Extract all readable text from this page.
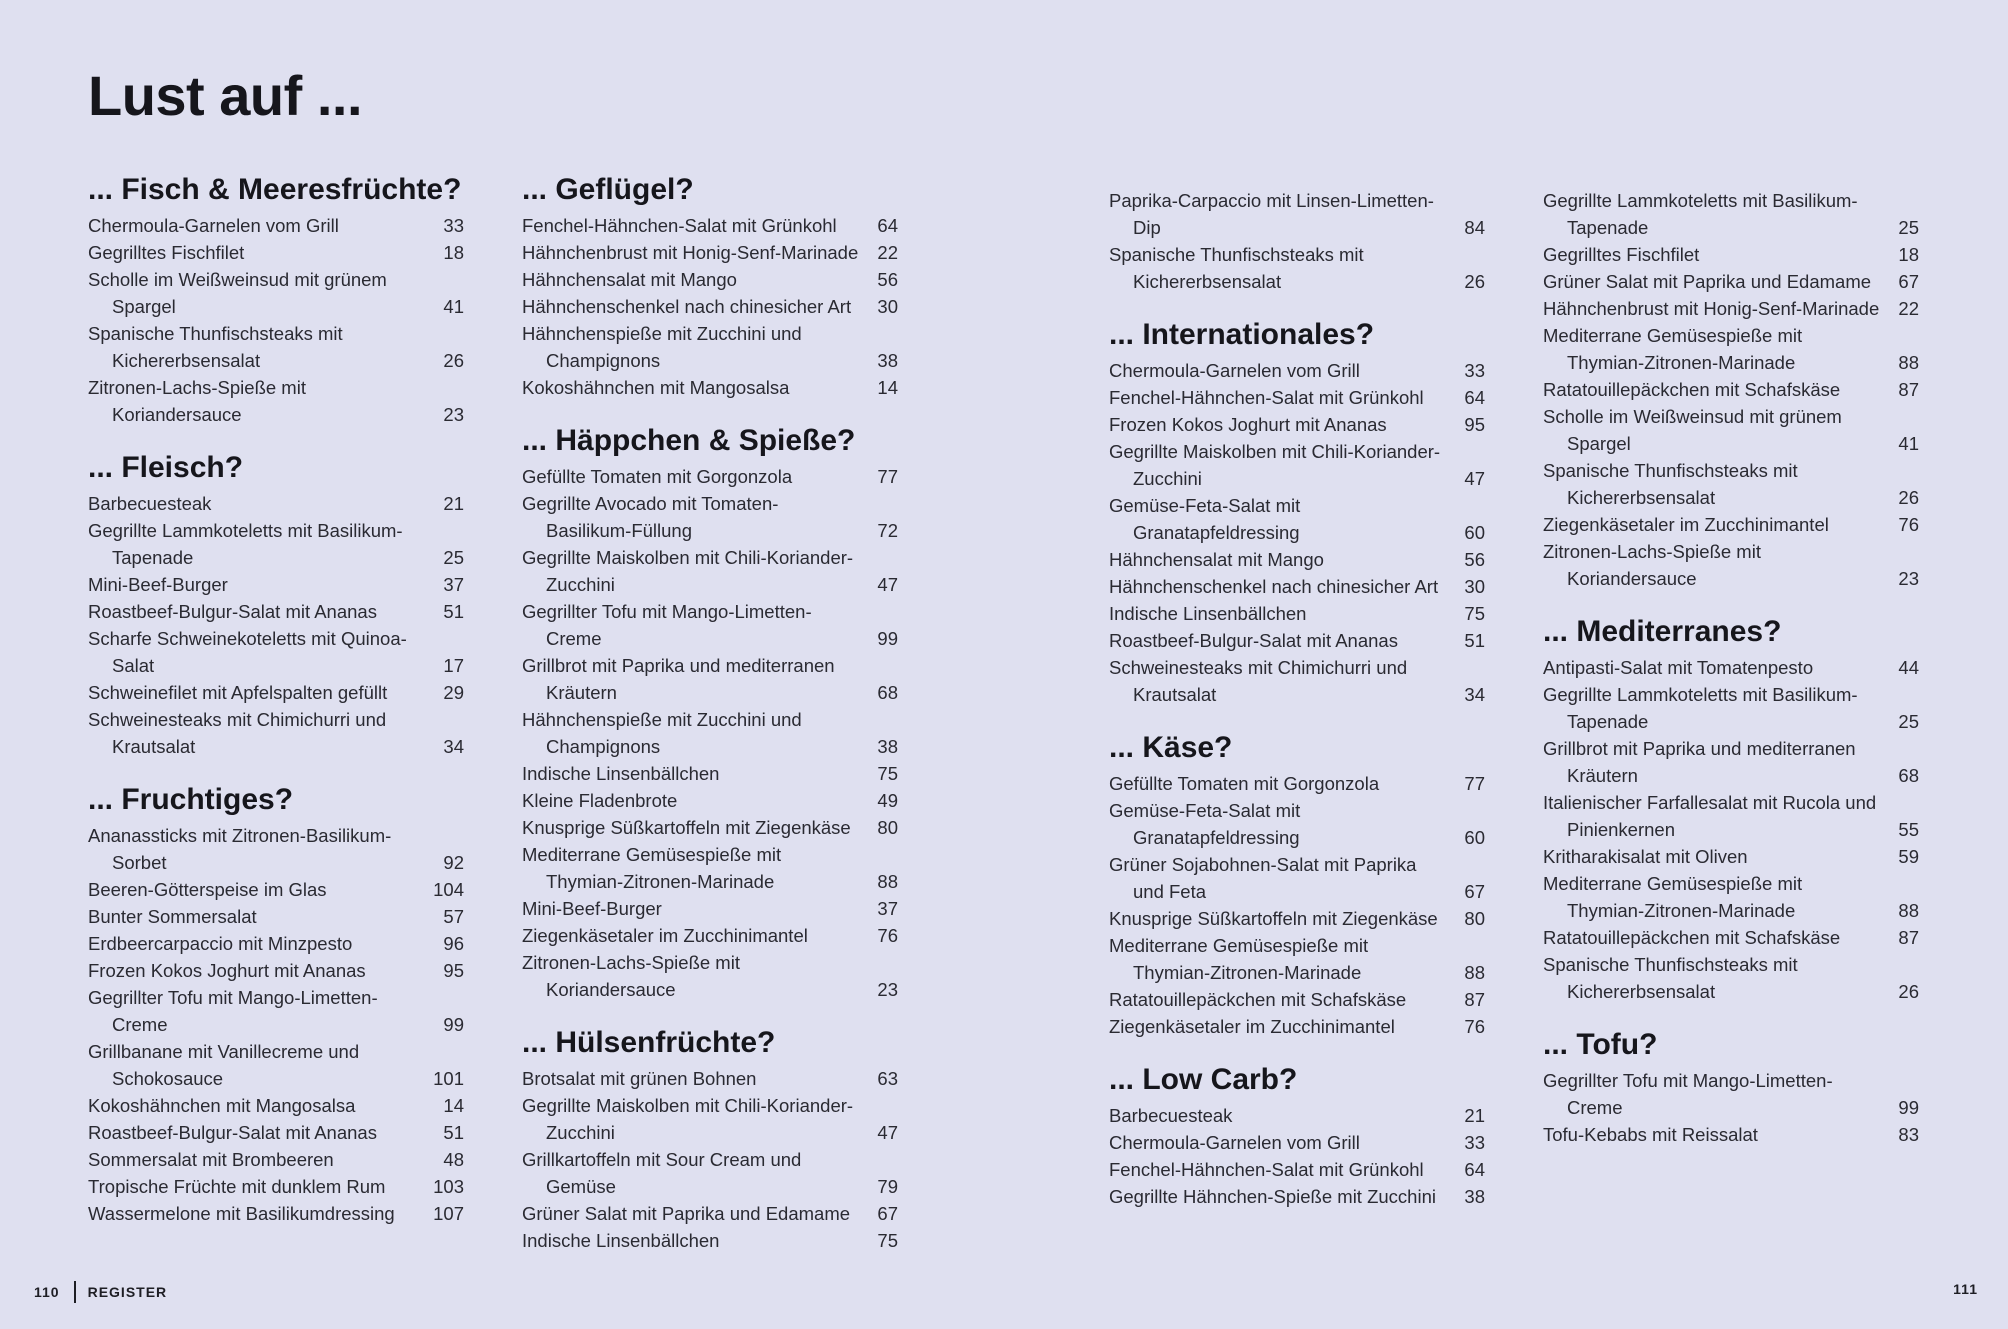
Lust auf ...
... Fisch & Meeresfrüchte?
Chermoula-Garnelen vom Grill	33
Gegrilltes Fischfilet	18
Scholle im Weißweinsud mit grünem Spargel	41
Spanische Thunfischsteaks mit Kichererbsensalat	26
Zitronen-Lachs-Spieße mit Koriandersauce	23
... Fleisch?
Barbecuesteak	21
Gegrillte Lammkoteletts mit Basilikum-Tapenade	25
Mini-Beef-Burger	37
Roastbeef-Bulgur-Salat mit Ananas	51
Scharfe Schweinekoteletts mit Quinoa-Salat	17
Schweinefilet mit Apfelspalten gefüllt	29
Schweinesteaks mit Chimichurri und Krautsalat	34
... Fruchtiges?
Ananassticks mit Zitronen-Basilikum-Sorbet	92
Beeren-Götterspeise im Glas	104
Bunter Sommersalat	57
Erdbeercarpaccio mit Minzpesto	96
Frozen Kokos Joghurt mit Ananas	95
Gegrillter Tofu mit Mango-Limetten-Creme	99
Grillbanane mit Vanillecreme und Schokosauce	101
Kokoshähnchen mit Mangosalsa	14
Roastbeef-Bulgur-Salat mit Ananas	51
Sommersalat mit Brombeeren	48
Tropische Früchte mit dunklem Rum	103
Wassermelone mit Basilikumdressing	107
... Geflügel?
Fenchel-Hähnchen-Salat mit Grünkohl	64
Hähnchenbrust mit Honig-Senf-Marinade	22
Hähnchensalat mit Mango	56
Hähnchenschenkel nach chinesicher Art	30
Hähnchenspieße mit Zucchini und Champignons	38
Kokoshähnchen mit Mangosalsa	14
... Häppchen & Spieße?
Gefüllte Tomaten mit Gorgonzola	77
Gegrillte Avocado mit Tomaten-Basilikum-Füllung	72
Gegrillte Maiskolben mit Chili-Koriander-Zucchini	47
Gegrillter Tofu mit Mango-Limetten-Creme	99
Grillbrot mit Paprika und mediterranen Kräutern	68
Hähnchenspieße mit Zucchini und Champignons	38
Indische Linsenbällchen	75
Kleine Fladenbrote	49
Knusprige Süßkartoffeln mit Ziegenkäse	80
Mediterrane Gemüsespieße mit Thymian-Zitronen-Marinade	88
Mini-Beef-Burger	37
Ziegenkäsetaler im Zucchinimantel	76
Zitronen-Lachs-Spieße mit Koriandersauce	23
... Hülsenfrüchte?
Brotsalat mit grünen Bohnen	63
Gegrillte Maiskolben mit Chili-Koriander-Zucchini	47
Grillkartoffeln mit Sour Cream und Gemüse	79
Grüner Salat mit Paprika und Edamame	67
Indische Linsenbällchen	75
Paprika-Carpaccio mit Linsen-Limetten-Dip	84
Spanische Thunfischsteaks mit Kichererbsensalat	26
... Internationales?
Chermoula-Garnelen vom Grill	33
Fenchel-Hähnchen-Salat mit Grünkohl	64
Frozen Kokos Joghurt mit Ananas	95
Gegrillte Maiskolben mit Chili-Koriander-Zucchini	47
Gemüse-Feta-Salat mit Granatapfeldressing	60
Hähnchensalat mit Mango	56
Hähnchenschenkel nach chinesicher Art	30
Indische Linsenbällchen	75
Roastbeef-Bulgur-Salat mit Ananas	51
Schweinesteaks mit Chimichurri und Krautsalat	34
... Käse?
Gefüllte Tomaten mit Gorgonzola	77
Gemüse-Feta-Salat mit Granatapfeldressing	60
Grüner Sojabohnen-Salat mit Paprika und Feta	67
Knusprige Süßkartoffeln mit Ziegenkäse	80
Mediterrane Gemüsespieße mit Thymian-Zitronen-Marinade	88
Ratatouillepäckchen mit Schafskäse	87
Ziegenkäsetaler im Zucchinimantel	76
... Low Carb?
Barbecuesteak	21
Chermoula-Garnelen vom Grill	33
Fenchel-Hähnchen-Salat mit Grünkohl	64
Gegrillte Hähnchen-Spieße mit Zucchini	38
Gegrillte Lammkoteletts mit Basilikum-Tapenade	25
Gegrilltes Fischfilet	18
Grüner Salat mit Paprika und Edamame	67
Hähnchenbrust mit Honig-Senf-Marinade	22
Mediterrane Gemüsespieße mit Thymian-Zitronen-Marinade	88
Ratatouillepäckchen mit Schafskäse	87
Scholle im Weißweinsud mit grünem Spargel	41
Spanische Thunfischsteaks mit Kichererbsensalat	26
Ziegenkäsetaler im Zucchinimantel	76
Zitronen-Lachs-Spieße mit Koriandersauce	23
... Mediterranes?
Antipasti-Salat mit Tomatenpesto	44
Gegrillte Lammkoteletts mit Basilikum-Tapenade	25
Grillbrot mit Paprika und mediterranen Kräutern	68
Italienischer Farfallesalat mit Rucola und Pinienkernen	55
Kritharakisalat mit Oliven	59
Mediterrane Gemüsespieße mit Thymian-Zitronen-Marinade	88
Ratatouillepäckchen mit Schafskäse	87
Spanische Thunfischsteaks mit Kichererbsensalat	26
... Tofu?
Gegrillter Tofu mit Mango-Limetten-Creme	99
Tofu-Kebabs mit Reissalat	83
110 REGISTER	111
